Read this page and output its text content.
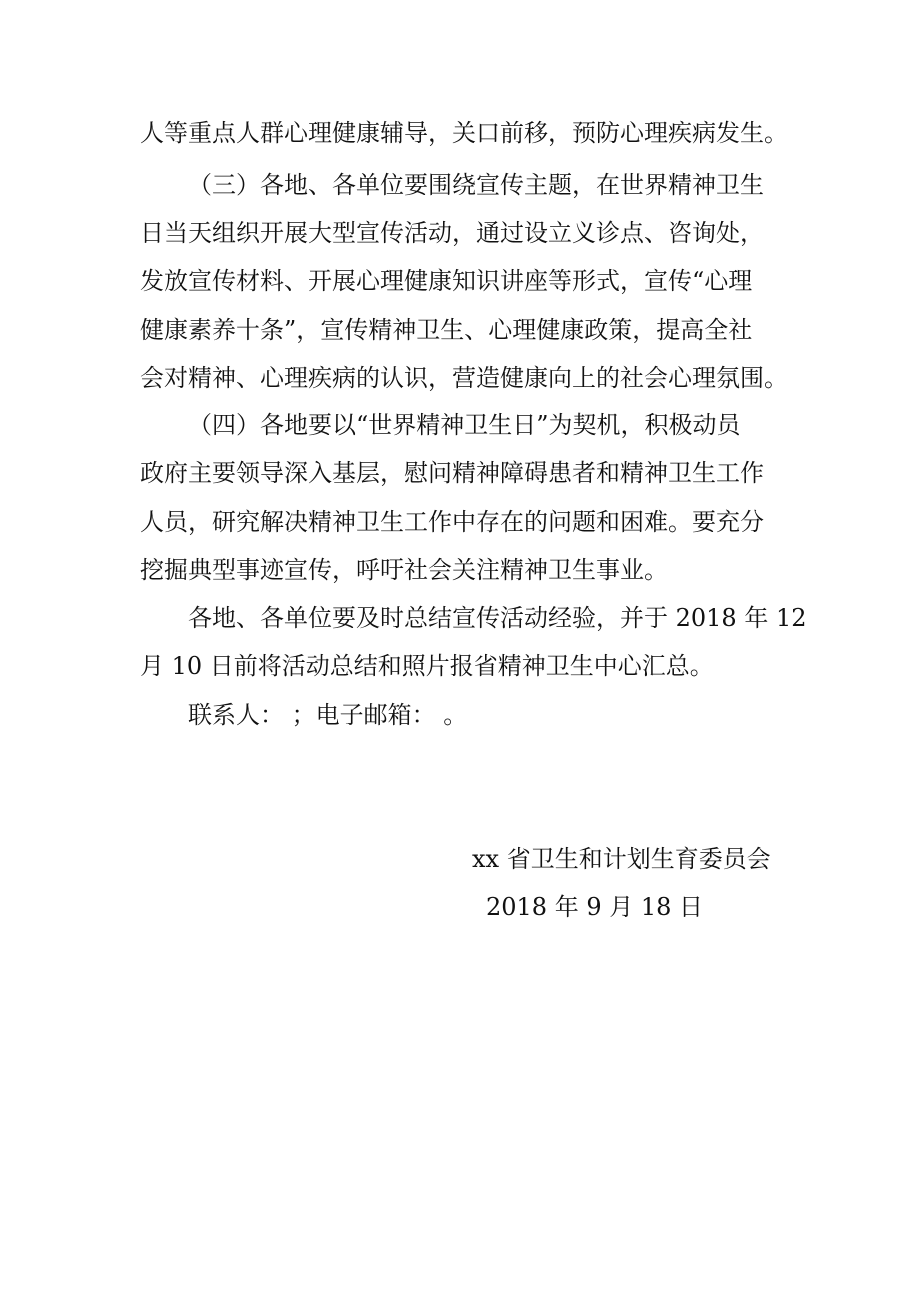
人等重点人群心理健康辅导，关口前移，预防心理疾病发生。
（三）各地、各单位要围绕宣传主题，在世界精神卫生
日当天组织开展大型宣传活动，通过设立义诊点、咨询处，
发放宣传材料、开展心理健康知识讲座等形式，宣传“心理
健康素养十条”，宣传精神卫生、心理健康政策，提高全社
会对精神、心理疾病的认识，营造健康向上的社会心理氛围。
（四）各地要以“世界精神卫生日”为契机，积极动员
政府主要领导深入基层，慰问精神障碍患者和精神卫生工作
人员，研究解决精神卫生工作中存在的问题和困难。要充分
挖掘典型事迹宣传，呼吁社会关注精神卫生事业。
各地、各单位要及时总结宣传活动经验，并于 2018 年 12
月 10 日前将活动总结和照片报省精神卫生中心汇总。
联系人： ；电子邮箱： 。
xx 省卫生和计划生育委员会
2018 年 9 月 18 日
